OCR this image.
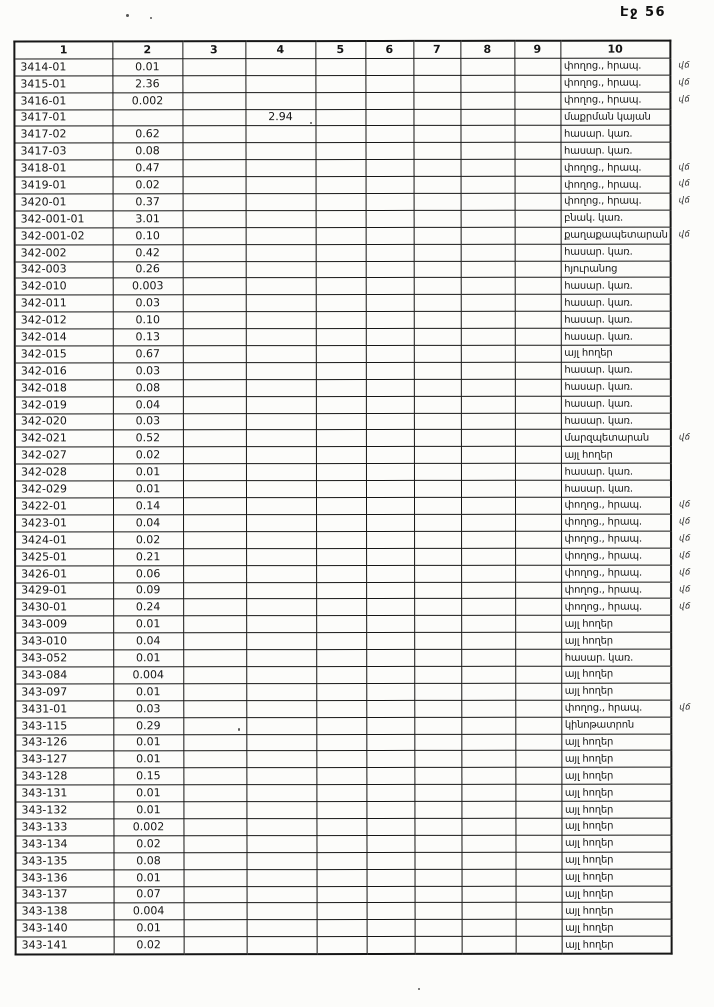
Էջ 56
1	2	3	4	5	6	7	8	9	10	
3414-01	0.01								փողոց., հրապ.	վճ
3415-01	2.36								փողոց., հրապ.	վճ
3416-01	0.002								փողոց., հրապ.	վճ
3417-01			2.94						մաքրման կայան	
3417-02	0.62								հասար. կառ.	
3417-03	0.08								հասար. կառ.	
3418-01	0.47								փողոց., հրապ.	վճ
3419-01	0.02								փողոց., հրապ.	վճ
3420-01	0.37								փողոց., հրապ.	վճ
342-001-01	3.01								բնակ. կառ.	
342-001-02	0.10								քաղաքապետարան	վճ
342-002	0.42								հասար. կառ.	
342-003	0.26								հյուրանոց	
342-010	0.003								հասար. կառ.	
342-011	0.03								հասար. կառ.	
342-012	0.10								հասար. կառ.	
342-014	0.13								հասար. կառ.	
342-015	0.67								այլ հողեր	
342-016	0.03								հասար. կառ.	
342-018	0.08								հասար. կառ.	
342-019	0.04								հասար. կառ.	
342-020	0.03								հասար. կառ.	
342-021	0.52								մարզպետարան	վճ
342-027	0.02								այլ հողեր	
342-028	0.01								հասար. կառ.	
342-029	0.01								հասար. կառ.	
3422-01	0.14								փողոց., հրապ.	վճ
3423-01	0.04								փողոց., հրապ.	վճ
3424-01	0.02								փողոց., հրապ.	վճ
3425-01	0.21								փողոց., հրապ.	վճ
3426-01	0.06								փողոց., հրապ.	վճ
3429-01	0.09								փողոց., հրապ.	վճ
3430-01	0.24								փողոց., հրապ.	վճ
343-009	0.01								այլ հողեր	
343-010	0.04								այլ հողեր	
343-052	0.01								հասար. կառ.	
343-084	0.004								այլ հողեր	
343-097	0.01								այլ հողեր	
3431-01	0.03								փողոց., հրապ.	վճ
343-115	0.29								կինոթատրոն	
343-126	0.01								այլ հողեր	
343-127	0.01								այլ հողեր	
343-128	0.15								այլ հողեր	
343-131	0.01								այլ հողեր	
343-132	0.01								այլ հողեր	
343-133	0.002								այլ հողեր	
343-134	0.02								այլ հողեր	
343-135	0.08								այլ հողեր	
343-136	0.01								այլ հողեր	
343-137	0.07								այլ հողեր	
343-138	0.004								այլ հողեր	
343-140	0.01								այլ հողեր	
343-141	0.02								այլ հողեր	
